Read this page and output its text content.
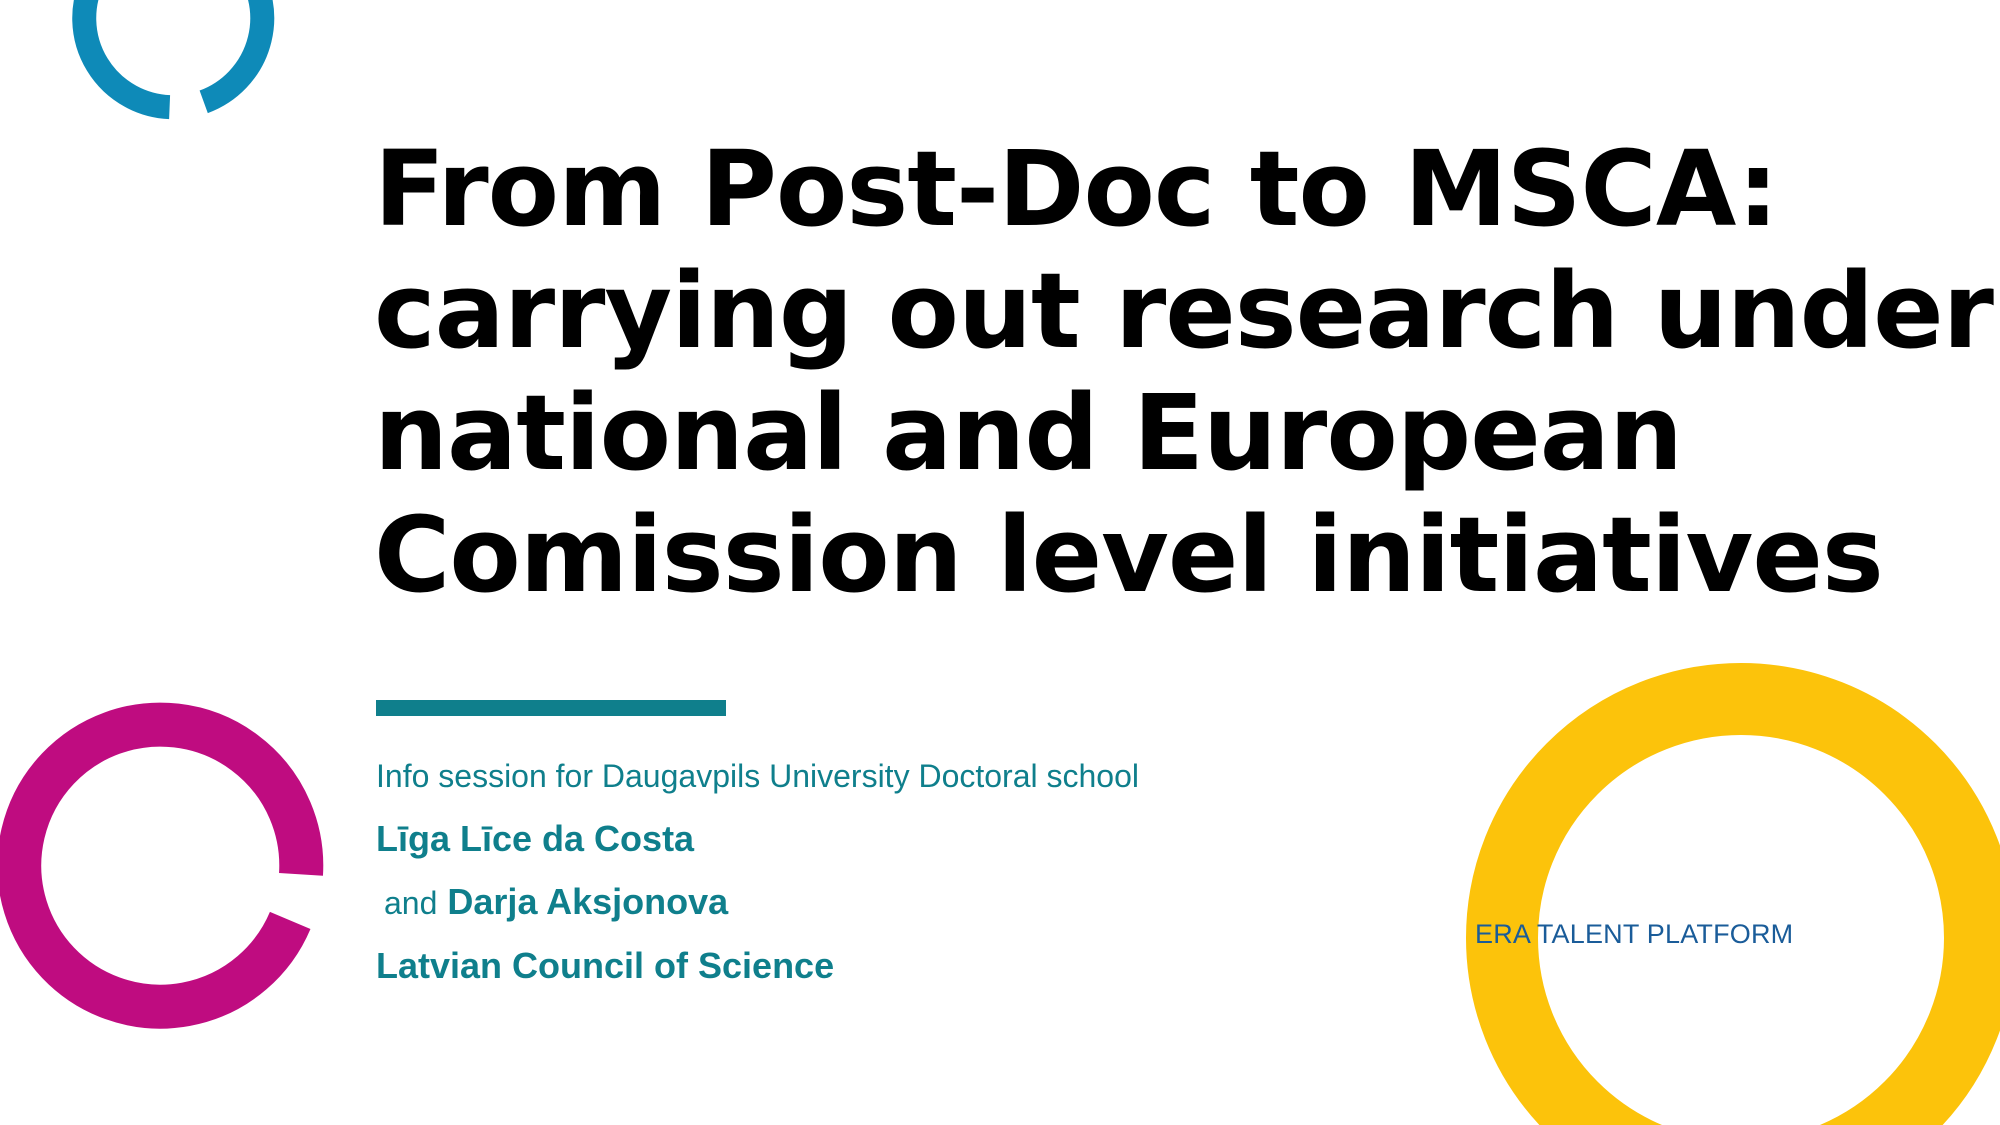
From Post-Doc to MSCA:
carrying out research under
national and European
Comission level initiatives
Info session for Daugavpils University Doctoral school
Līga Līce da Costa
and Darja Aksjonova
Latvian Council of Science
ERA TALENT PLATFORM
